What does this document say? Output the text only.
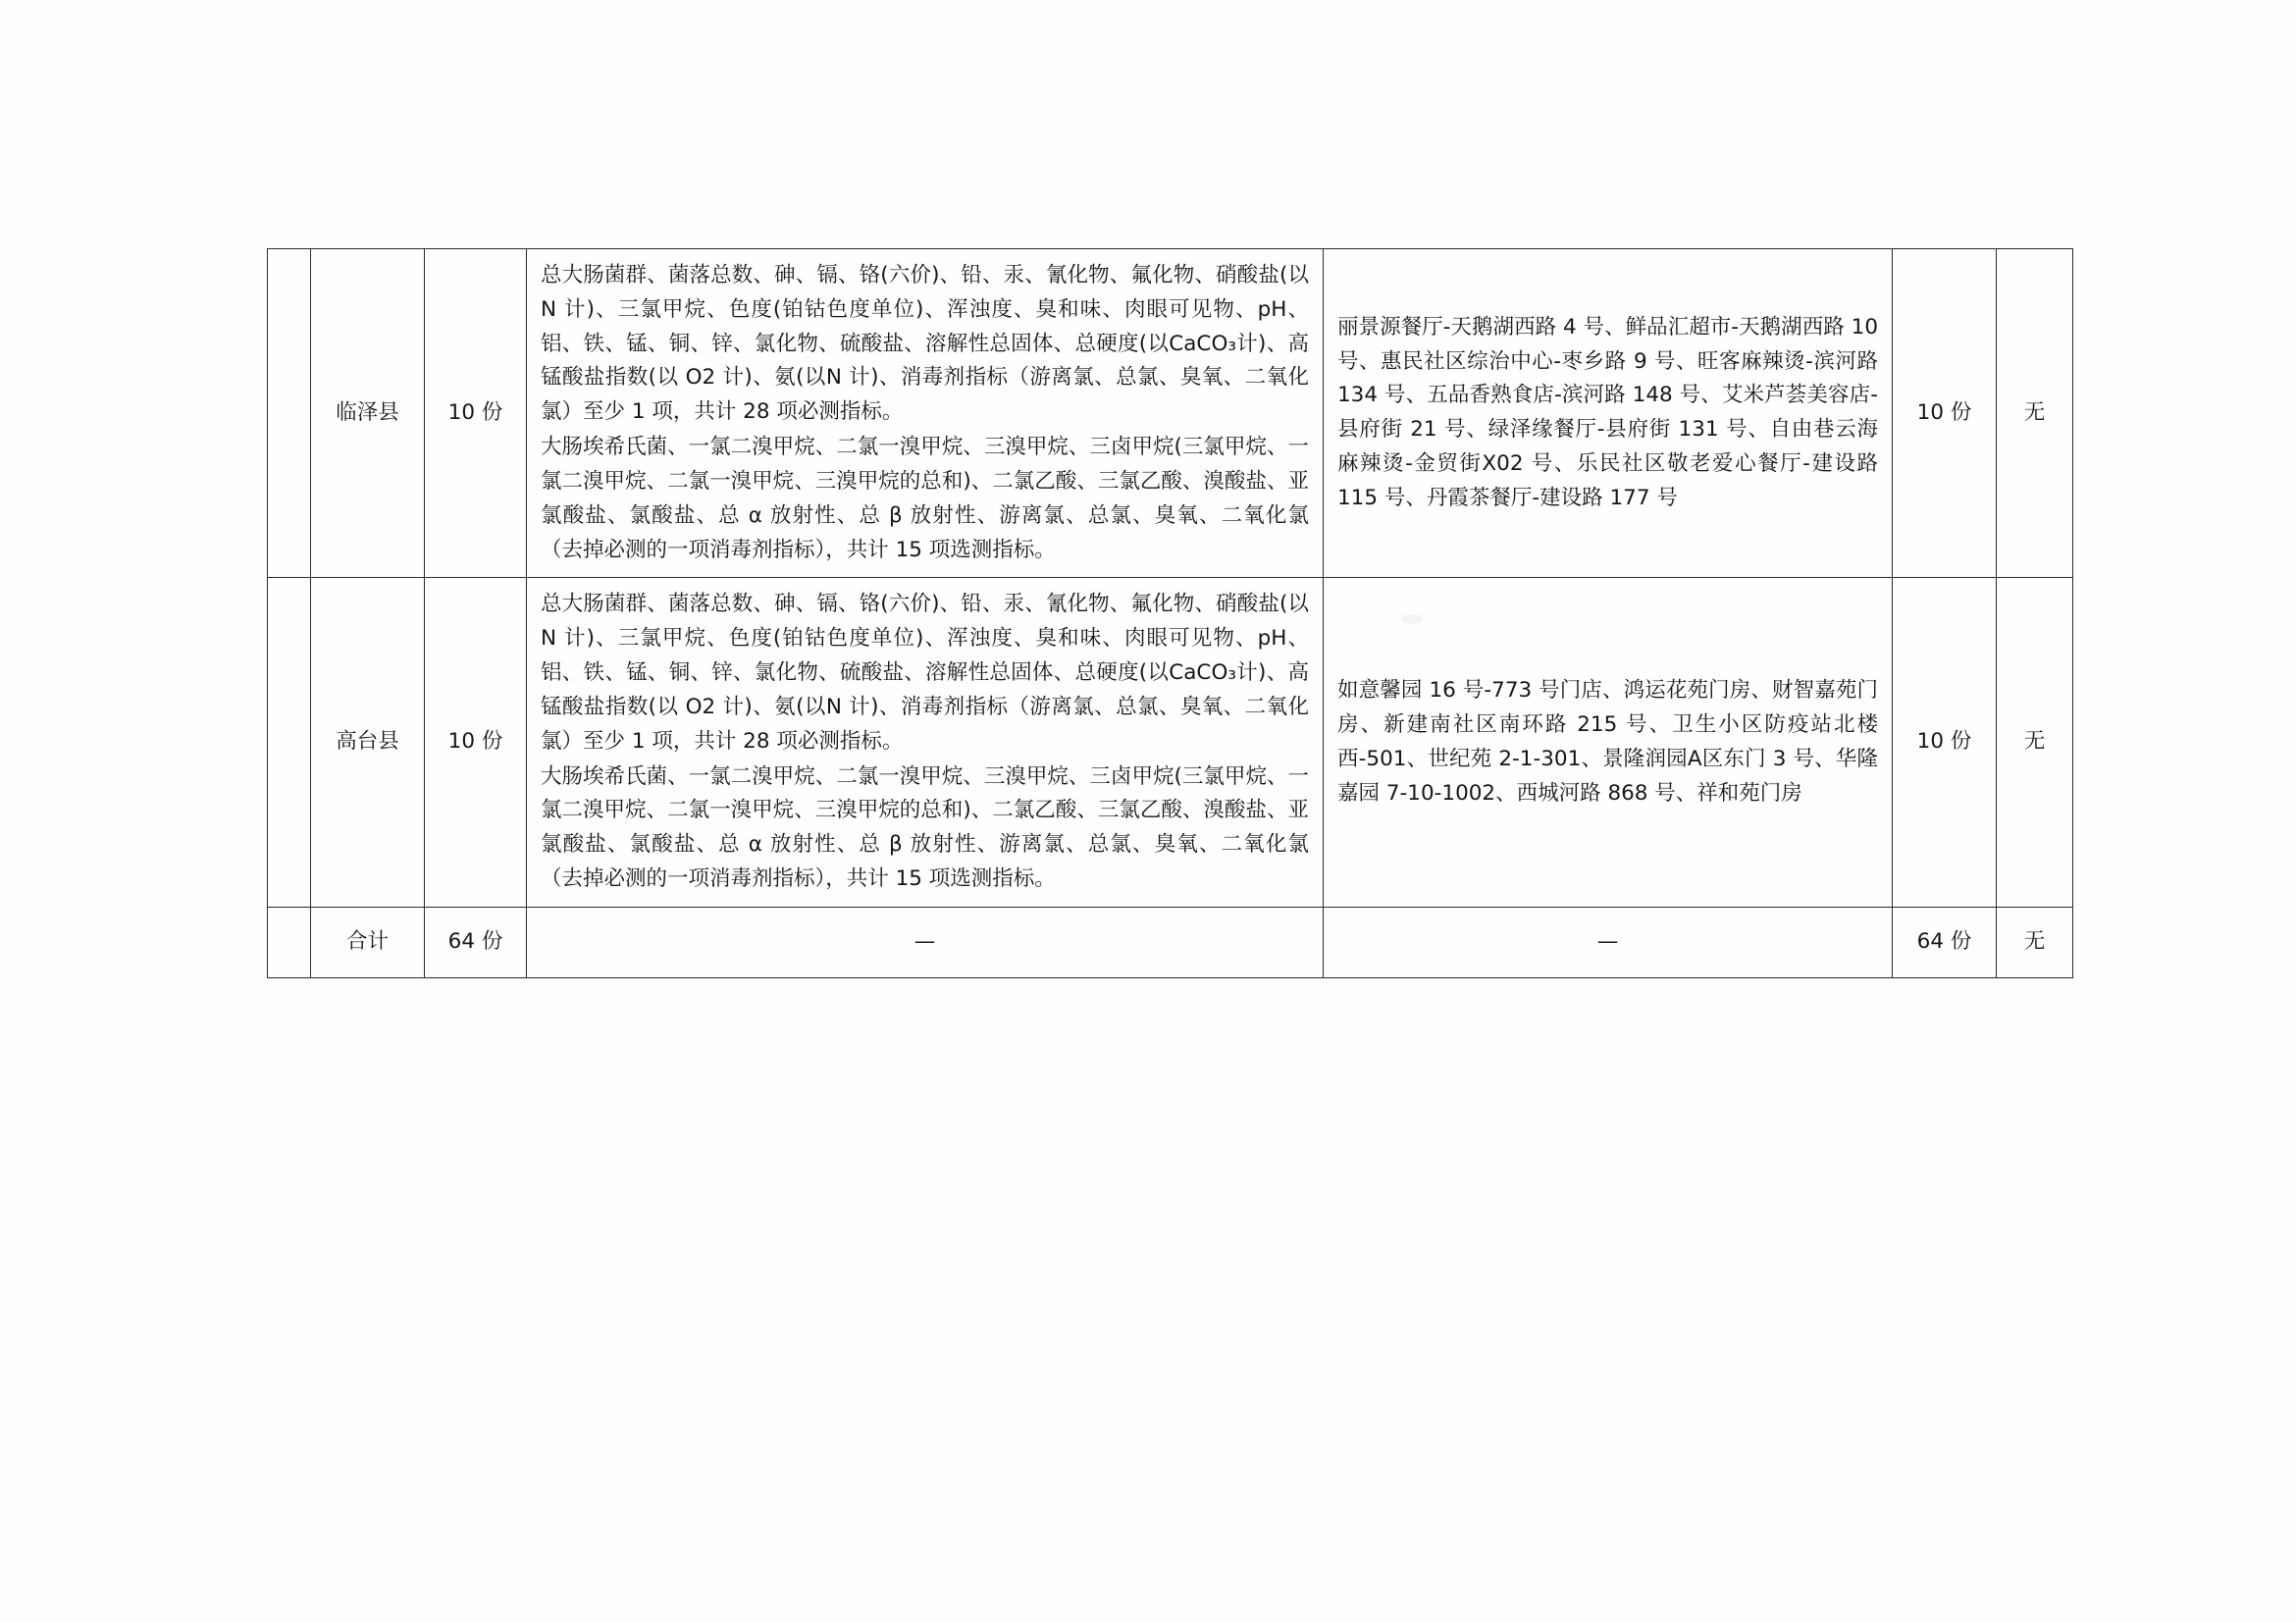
	临泽县	10 份	总大肠菌群、菌落总数、砷、镉、铬(六价)、铅、汞、氰化物、氟化物、硝酸盐(以N 计)、三氯甲烷、色度(铂钴色度单位)、浑浊度、臭和味、肉眼可见物、pH、铝、铁、锰、铜、锌、氯化物、硫酸盐、溶解性总固体、总硬度(以CaCO₃计)、高锰酸盐指数(以 O2 计)、氨(以N 计)、消毒剂指标（游离氯、总氯、臭氧、二氧化氯）至少 1 项，共计 28 项必测指标。

大肠埃希氏菌、一氯二溴甲烷、二氯一溴甲烷、三溴甲烷、三卤甲烷(三氯甲烷、一氯二溴甲烷、二氯一溴甲烷、三溴甲烷的总和)、二氯乙酸、三氯乙酸、溴酸盐、亚氯酸盐、氯酸盐、总 α 放射性、总 β 放射性、游离氯、总氯、臭氧、二氧化氯（去掉必测的一项消毒剂指标），共计 15 项选测指标。	丽景源餐厅-天鹅湖西路 4 号、鲜品汇超市-天鹅湖西路 10 号、惠民社区综治中心-枣乡路 9 号、旺客麻辣烫-滨河路 134 号、五品香熟食店-滨河路 148 号、艾米芦荟美容店-县府街 21 号、绿泽缘餐厅-县府街 131 号、自由巷云海麻辣烫-金贸街X02 号、乐民社区敬老爱心餐厅-建设路 115 号、丹霞茶餐厅-建设路 177 号	10 份	无
	高台县	10 份	总大肠菌群、菌落总数、砷、镉、铬(六价)、铅、汞、氰化物、氟化物、硝酸盐(以N 计)、三氯甲烷、色度(铂钴色度单位)、浑浊度、臭和味、肉眼可见物、pH、铝、铁、锰、铜、锌、氯化物、硫酸盐、溶解性总固体、总硬度(以CaCO₃计)、高锰酸盐指数(以 O2 计)、氨(以N 计)、消毒剂指标（游离氯、总氯、臭氧、二氧化氯）至少 1 项，共计 28 项必测指标。

大肠埃希氏菌、一氯二溴甲烷、二氯一溴甲烷、三溴甲烷、三卤甲烷(三氯甲烷、一氯二溴甲烷、二氯一溴甲烷、三溴甲烷的总和)、二氯乙酸、三氯乙酸、溴酸盐、亚氯酸盐、氯酸盐、总 α 放射性、总 β 放射性、游离氯、总氯、臭氧、二氧化氯（去掉必测的一项消毒剂指标），共计 15 项选测指标。	如意馨园 16 号-773 号门店、鸿运花苑门房、财智嘉苑门房、新建南社区南环路 215 号、卫生小区防疫站北楼西-501、世纪苑 2-1-301、景隆润园A区东门 3 号、华隆嘉园 7-10-1002、西城河路 868 号、祥和苑门房	10 份	无
	合计	64 份	—	—	64 份	无
